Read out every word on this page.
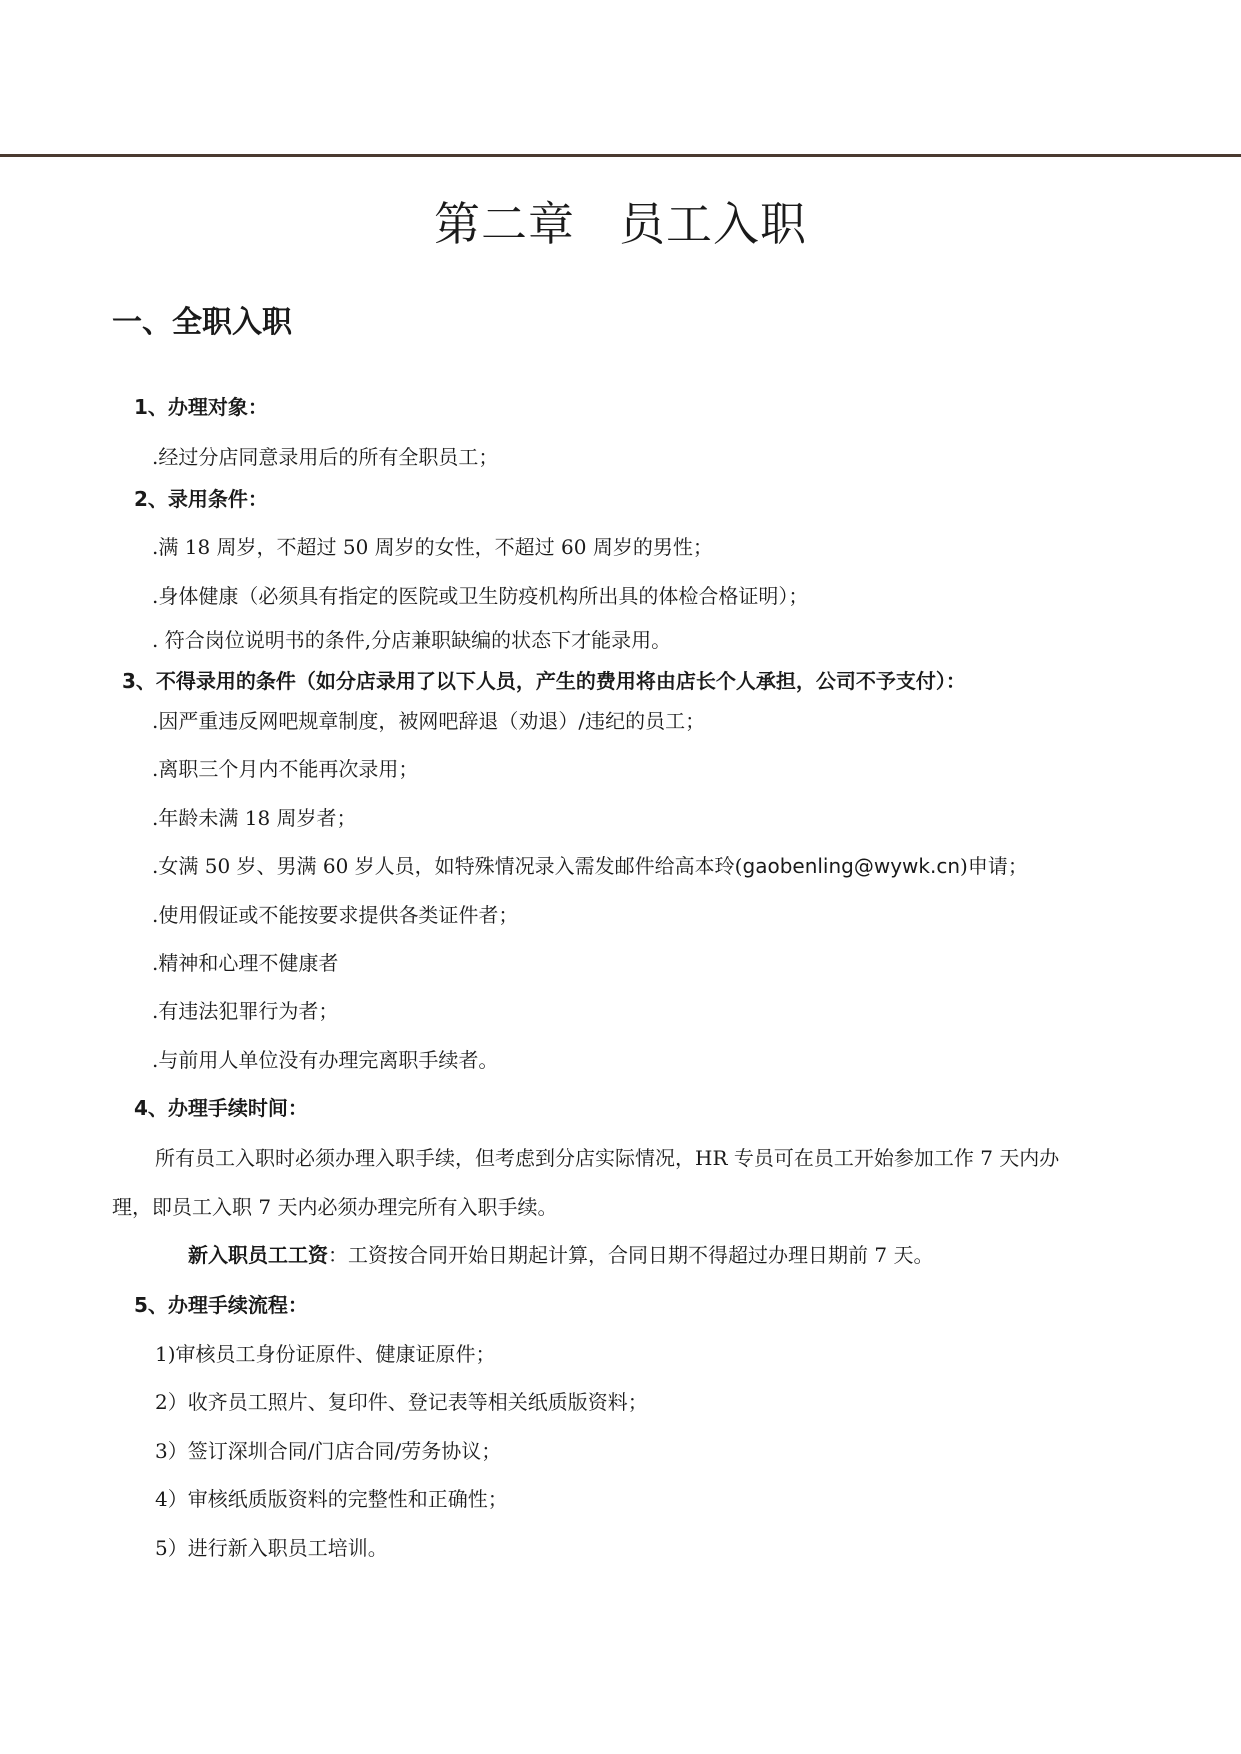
第二章 员工入职
一、全职入职
1、办理对象：
.经过分店同意录用后的所有全职员工；
2、录用条件：
.满 18 周岁，不超过 50 周岁的女性，不超过 60 周岁的男性；
.身体健康（必须具有指定的医院或卫生防疫机构所出具的体检合格证明）；
. 符合岗位说明书的条件,分店兼职缺编的状态下才能录用。
3、不得录用的条件（如分店录用了以下人员，产生的费用将由店长个人承担，公司不予支付）：
.因严重违反网吧规章制度，被网吧辞退（劝退）/违纪的员工；
.离职三个月内不能再次录用；
.年龄未满 18 周岁者；
.女满 50 岁、男满 60 岁人员，如特殊情况录入需发邮件给高本玲(gaobenling@wywk.cn)申请；
.使用假证或不能按要求提供各类证件者；
.精神和心理不健康者
.有违法犯罪行为者；
.与前用人单位没有办理完离职手续者。
4、办理手续时间：
所有员工入职时必须办理入职手续，但考虑到分店实际情况，HR 专员可在员工开始参加工作 7 天内办
理，即员工入职 7 天内必须办理完所有入职手续。
新入职员工工资：工资按合同开始日期起计算，合同日期不得超过办理日期前 7 天。
5、办理手续流程：
1)审核员工身份证原件、健康证原件；
2）收齐员工照片、复印件、登记表等相关纸质版资料；
3）签订深圳合同/门店合同/劳务协议；
4）审核纸质版资料的完整性和正确性；
5）进行新入职员工培训。
